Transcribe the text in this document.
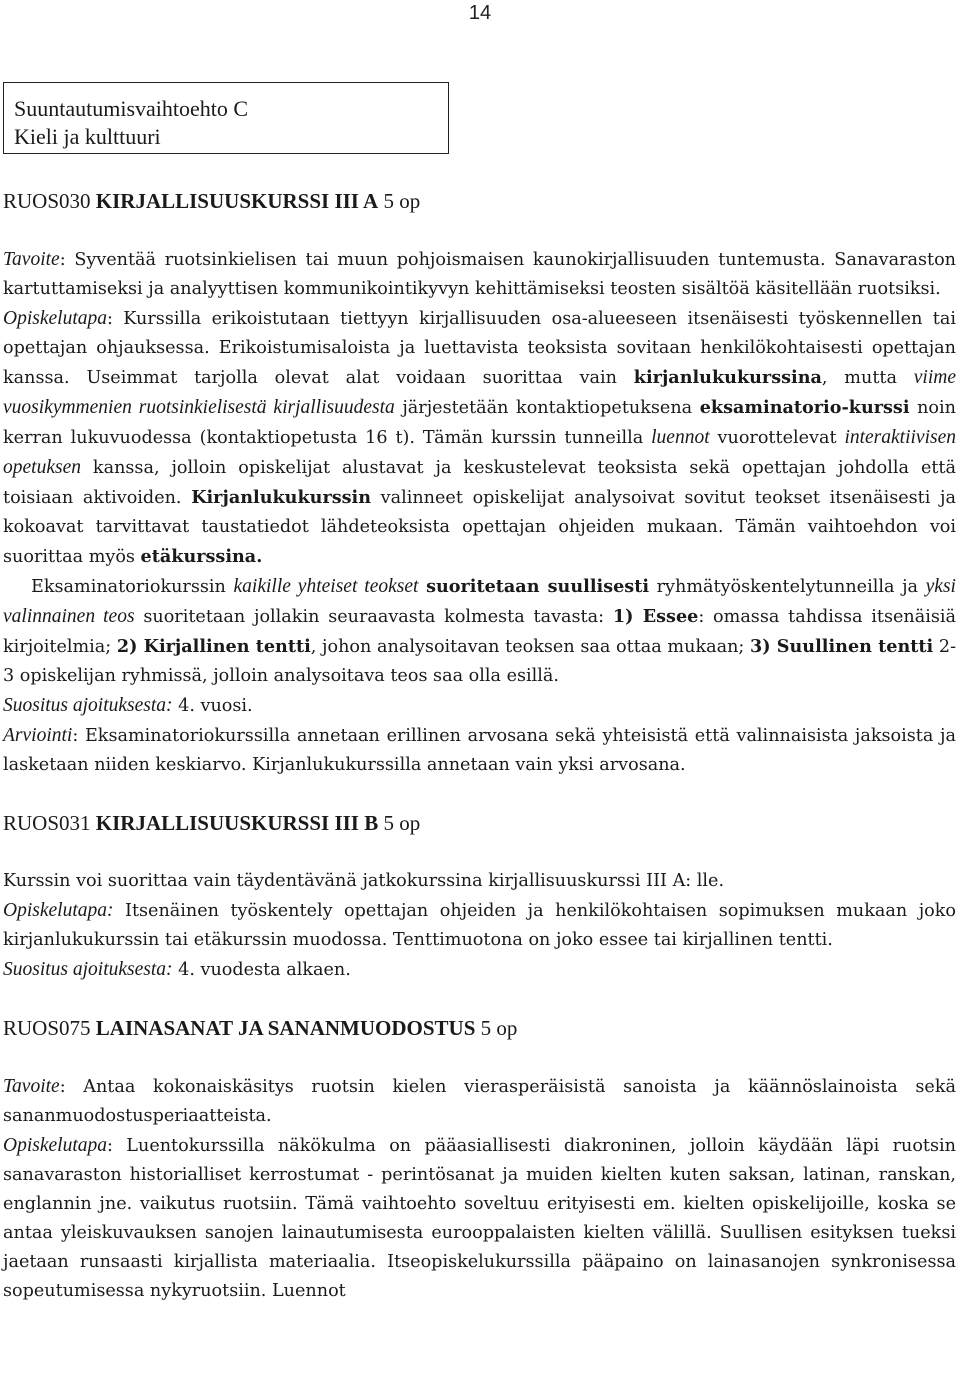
14
Suuntautumisvaihtoehto C
Kieli ja kulttuuri
RUOS030 KIRJALLISUUSKURSSI III A 5 op
Tavoite: Syventää ruotsinkielisen tai muun pohjoismaisen kaunokirjallisuuden tuntemusta. Sanavaraston kartuttamiseksi ja analyyttisen kommunikointikyvyn kehittämiseksi teosten sisältöä käsitellään ruotsiksi.
Opiskelutapa: Kurssilla erikoistutaan tiettyyn kirjallisuuden osa-alueeseen itsenäisesti työskennellen tai opettajan ohjauksessa. Erikoistumisaloista ja luettavista teoksista sovitaan henkilökohtaisesti opettajan kanssa. Useimmat tarjolla olevat alat voidaan suorittaa vain kirjanlukukurssina, mutta viime vuosikymmenien ruotsinkielisestä kirjallisuudesta järjestetään kontaktiopetuksena eksaminatorio-kurssi noin kerran lukuvuodessa (kontaktiopetusta 16 t). Tämän kurssin tunneilla luennot vuorottelevat interaktiivisen opetuksen kanssa, jolloin opiskelijat alustavat ja keskustelevat teoksista sekä opettajan johdolla että toisiaan aktivoiden. Kirjanlukukurssin valinneet opiskelijat analysoivat sovitut teokset itsenäisesti ja kokoavat tarvittavat taustatiedot lähdeteoksista opettajan ohjeiden mukaan. Tämän vaihtoehdon voi suorittaa myös etäkurssina.
Eksaminatoriokurssin kaikille yhteiset teokset suoritetaan suullisesti ryhmätyöskentelytunneilla ja yksi valinnainen teos suoritetaan jollakin seuraavasta kolmesta tavasta: 1) Essee: omassa tahdissa itsenäisiä kirjoitelmia; 2) Kirjallinen tentti, johon analysoitavan teoksen saa ottaa mukaan; 3) Suullinen tentti 2-3 opiskelijan ryhmissä, jolloin analysoitava teos saa olla esillä.
Suositus ajoituksesta: 4. vuosi.
Arviointi: Eksaminatoriokurssilla annetaan erillinen arvosana sekä yhteisistä että valinnaisista jaksoista ja lasketaan niiden keskiarvo. Kirjanlukukurssilla annetaan vain yksi arvosana.
RUOS031 KIRJALLISUUSKURSSI III B 5 op
Kurssin voi suorittaa vain täydentävänä jatkokurssina kirjallisuuskurssi III A: lle.
Opiskelutapa: Itsenäinen työskentely opettajan ohjeiden ja henkilökohtaisen sopimuksen mukaan joko kirjanlukukurssin tai etäkurssin muodossa. Tenttimuotona on joko essee tai kirjallinen tentti.
Suositus ajoituksesta: 4. vuodesta alkaen.
RUOS075 LAINASANAT JA SANANMUODOSTUS 5 op
Tavoite: Antaa kokonaiskäsitys ruotsin kielen vierasperäisistä sanoista ja käännöslainoista sekä sananmuodostusperiaatteista.
Opiskelutapa: Luentokurssilla näkökulma on pääasiallisesti diakroninen, jolloin käydään läpi ruotsin sanavaraston historialliset kerrostumat - perintösanat ja muiden kielten kuten saksan, latinan, ranskan, englannin jne. vaikutus ruotsiin. Tämä vaihtoehto soveltuu erityisesti em. kielten opiskelijoille, koska se antaa yleiskuvauksen sanojen lainautumisesta eurooppalaisten kielten välillä. Suullisen esityksen tueksi jaetaan runsaasti kirjallista materiaalia. Itseopiskelukurssilla pääpaino on lainasanojen synkronisessa sopeutumisessa nykyruotsiin. Luennot
